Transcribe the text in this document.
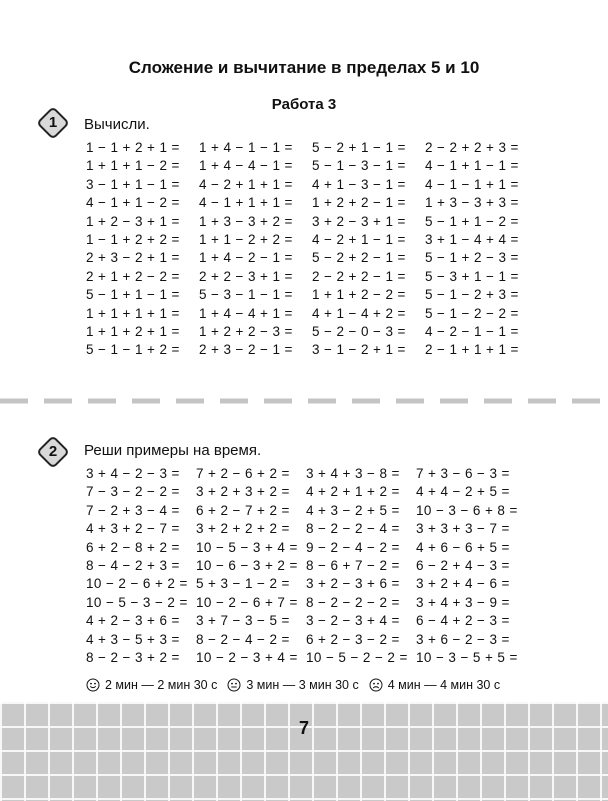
Сложение и вычитание в пределах 5 и 10
Работа 3
1	Вычисли.
1 − 1 + 2 + 1 =	1 + 4 − 1 − 1 =	5 − 2 + 1 − 1 =	2 − 2 + 2 + 3 =
1 + 1 + 1 − 2 =	1 + 4 − 4 − 1 =	5 − 1 − 3 − 1 =	4 − 1 + 1 − 1 =
3 − 1 + 1 − 1 =	4 − 2 + 1 + 1 =	4 + 1 − 3 − 1 =	4 − 1 − 1 + 1 =
4 − 1 + 1 − 2 =	4 − 1 + 1 + 1 =	1 + 2 + 2 − 1 =	1 + 3 − 3 + 3 =
1 + 2 − 3 + 1 =	1 + 3 − 3 + 2 =	3 + 2 − 3 + 1 =	5 − 1 + 1 − 2 =
1 − 1 + 2 + 2 =	1 + 1 − 2 + 2 =	4 − 2 + 1 − 1 =	3 + 1 − 4 + 4 =
2 + 3 − 2 + 1 =	1 + 4 − 2 − 1 =	5 − 2 + 2 − 1 =	5 − 1 + 2 − 3 =
2 + 1 + 2 − 2 =	2 + 2 − 3 + 1 =	2 − 2 + 2 − 1 =	5 − 3 + 1 − 1 =
5 − 1 + 1 − 1 =	5 − 3 − 1 − 1 =	1 + 1 + 2 − 2 =	5 − 1 − 2 + 3 =
1 + 1 + 1 + 1 =	1 + 4 − 4 + 1 =	4 + 1 − 4 + 2 =	5 − 1 − 2 − 2 =
1 + 1 + 2 + 1 =	1 + 2 + 2 − 3 =	5 − 2 − 0 − 3 =	4 − 2 − 1 − 1 =
5 − 1 − 1 + 2 =	2 + 3 − 2 − 1 =	3 − 1 − 2 + 1 =	2 − 1 + 1 + 1 =
2	Реши примеры на время.
3 + 4 − 2 − 3 =	7 + 2 − 6 + 2 =	3 + 4 + 3 − 8 =	7 + 3 − 6 − 3 =
7 − 3 − 2 − 2 =	3 + 2 + 3 + 2 =	4 + 2 + 1 + 2 =	4 + 4 − 2 + 5 =
7 − 2 + 3 − 4 =	6 + 2 − 7 + 2 =	4 + 3 − 2 + 5 =	10 − 3 − 6 + 8 =
4 + 3 + 2 − 7 =	3 + 2 + 2 + 2 =	8 − 2 − 2 − 4 =	3 + 3 + 3 − 7 =
6 + 2 − 8 + 2 =	10 − 5 − 3 + 4 = 9 − 2 − 4 − 2 =	4 + 6 − 6 + 5 =
8 − 4 − 2 + 3 =	10 − 6 − 3 + 2 = 8 − 6 + 7 − 2 =	6 − 2 + 4 − 3 =
10 − 2 − 6 + 2 = 5 + 3 − 1 − 2 =	3 + 2 − 3 + 6 =	3 + 2 + 4 − 6 =
10 − 5 − 3 − 2 = 10 − 2 − 6 + 7 = 8 − 2 − 2 − 2 =	3 + 4 + 3 − 9 =
4 + 2 − 3 + 6 =	3 + 7 − 3 − 5 =	3 − 2 − 3 + 4 =	6 − 4 + 2 − 3 =
4 + 3 − 5 + 3 =	8 − 2 − 4 − 2 =	6 + 2 − 3 − 2 =	3 + 6 − 2 − 3 =
8 − 2 − 3 + 2 =	10 − 2 − 3 + 4 = 10 − 5 − 2 − 2 = 10 − 3 − 5 + 5 =
2 мин — 2 мин 30 с 3 мин — 3 мин 30 с 4 мин — 4 мин 30 с
7
